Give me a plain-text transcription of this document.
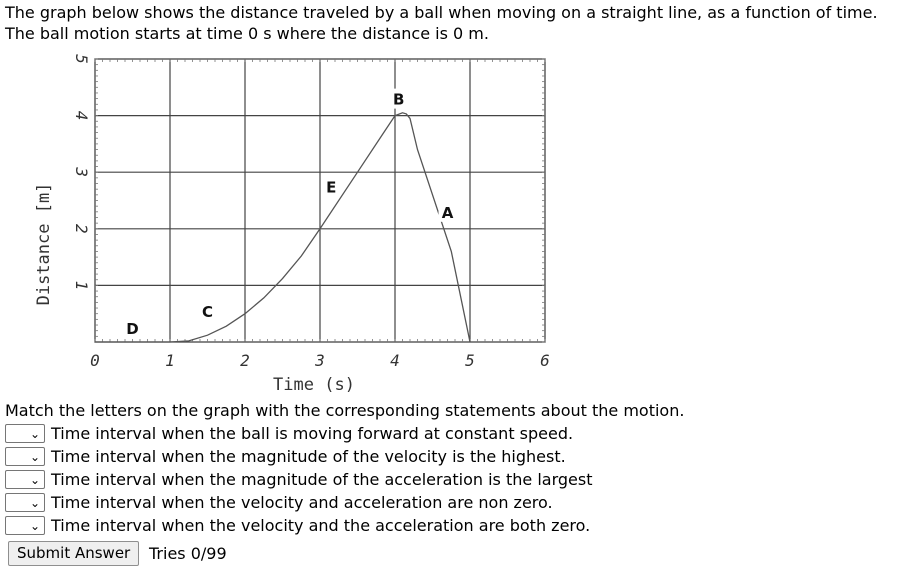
The graph below shows the distance traveled by a ball when moving on a straight line, as a function of time.
The ball motion starts at time 0 s where the distance is 0 m.
0	1	2	3	4	5	6
1
2
3
4
5
D
C
E
B
A
Time (s)
Distance [m]
Match the letters on the graph with the corresponding statements about the motion.
⌄ Time interval when the ball is moving forward at constant speed.
⌄ Time interval when the magnitude of the velocity is the highest.
⌄ Time interval when the magnitude of the acceleration is the largest
⌄ Time interval when the velocity and acceleration are non zero.
⌄ Time interval when the velocity and the acceleration are both zero.
Submit Answer	Tries 0/99
